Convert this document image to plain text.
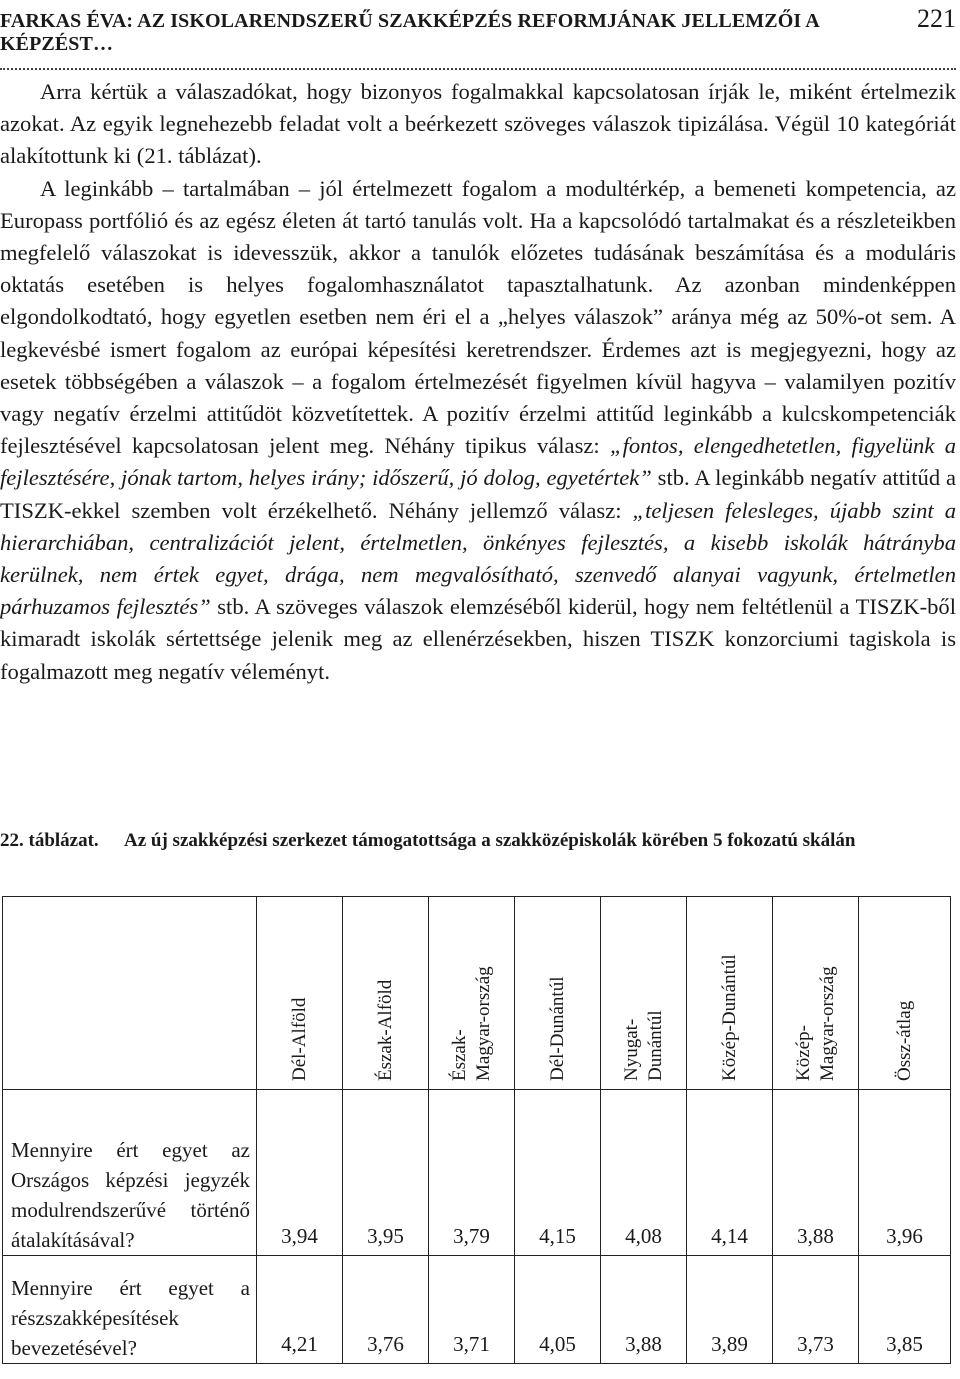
FARKAS ÉVA: AZ ISKOLARENDSZERŰ SZAKKÉPZÉS REFORMJÁNAK JELLEMZŐI A KÉPZÉST…
221

Arra kértük a válaszadókat, hogy bizonyos fogalmakkal kapcsolatosan írják le, miként értelmezik azokat. Az egyik legnehezebb feladat volt a beérkezett szöveges válaszok tipizálása. Végül 10 kategóriát alakítottunk ki (21. táblázat).

A leginkább – tartalmában – jól értelmezett fogalom a modultérkép, a bemeneti kompetencia, az Europass portfólió és az egész életen át tartó tanulás volt. Ha a kapcsolódó tartalmakat és a részleteikben megfelelő válaszokat is idevesszük, akkor a tanulók előzetes tudásának beszámítása és a moduláris oktatás esetében is helyes fogalomhasználatot tapasztalhatunk. Az azonban mindenképpen elgondolkodtató, hogy egyetlen esetben nem éri el a „helyes válaszok” aránya még az 50%-ot sem. A legkevésbé ismert fogalom az európai képesítési keretrendszer. Érdemes azt is megjegyezni, hogy az esetek többségében a válaszok – a fogalom értelmezését figyelmen kívül hagyva – valamilyen pozitív vagy negatív érzelmi attitűdöt közvetítettek. A pozitív érzelmi attitűd leginkább a kulcskompetenciák fejlesztésével kapcsolatosan jelent meg. Néhány tipikus válasz: „fontos, elengedhetetlen, figyelünk a fejlesztésére, jónak tartom, helyes irány; időszerű, jó dolog, egyetértek” stb. A leginkább negatív attitűd a TISZK-ekkel szemben volt érzékelhető. Néhány jellemző válasz: „teljesen felesleges, újabb szint a hierarchiában, centralizációt jelent, értelmetlen, önkényes fejlesztés, a kisebb iskolák hátrányba kerülnek, nem értek egyet, drága, nem megvalósítható, szenvedő alanyai vagyunk, értelmetlen párhuzamos fejlesztés” stb. A szöveges válaszok elemzéséből kiderül, hogy nem feltétlenül a TISZK-ből kimaradt iskolák sértettsége jelenik meg az ellenérzésekben, hiszen TISZK konzorciumi tagiskola is fogalmazott meg negatív véleményt.

22. táblázat.	Az új szakképzési szerkezet támogatottsága a szakközépiskolák körében 5 fokozatú skálán

	Dél-Alföld	Észak-Alföld	Észak- Magyar-ország	Dél-Dunántúl	Nyugat- Dunántúl	Közép-Dunántúl	Közép- Magyar-ország	Össz-átlag

Mennyire ért egyet az Országos képzési jegyzék modulrendszerűvé történő átalakításával?	3,94	3,95	3,79	4,15	4,08	4,14	3,88	3,96
Mennyire ért egyet a részszakképesítések bevezetésével?	4,21	3,76	3,71	4,05	3,88	3,89	3,73	3,85
